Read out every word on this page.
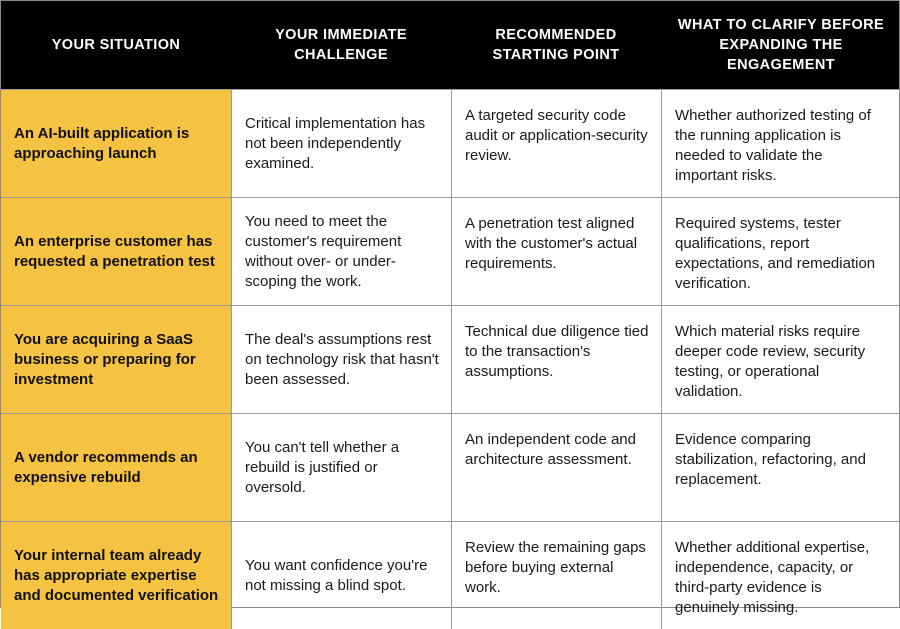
YOUR SITUATION
YOUR IMMEDIATE CHALLENGE
RECOMMENDED STARTING POINT
WHAT TO CLARIFY BEFORE EXPANDING THE ENGAGEMENT
An AI-built application is approaching launch
Critical implementation has not been independently examined.
A targeted security code audit or application-security review.
Whether authorized testing of the running application is needed to validate the important risks.
An enterprise customer has requested a penetration test
You need to meet the customer's requirement without over- or under-scoping the work.
A penetration test aligned with the customer's actual requirements.
Required systems, tester qualifications, report expectations, and remediation verification.
You are acquiring a SaaS business or preparing for investment
The deal's assumptions rest on technology risk that hasn't been assessed.
Technical due diligence tied to the transaction's assumptions.
Which material risks require deeper code review, security testing, or operational validation.
A vendor recommends an expensive rebuild
You can't tell whether a rebuild is justified or oversold.
An independent code and architecture assessment.
Evidence comparing stabilization, refactoring, and replacement.
Your internal team already has appropriate expertise and documented verification
You want confidence you're not missing a blind spot.
Review the remaining gaps before buying external work.
Whether additional expertise, independence, capacity, or third-party evidence is genuinely missing.
